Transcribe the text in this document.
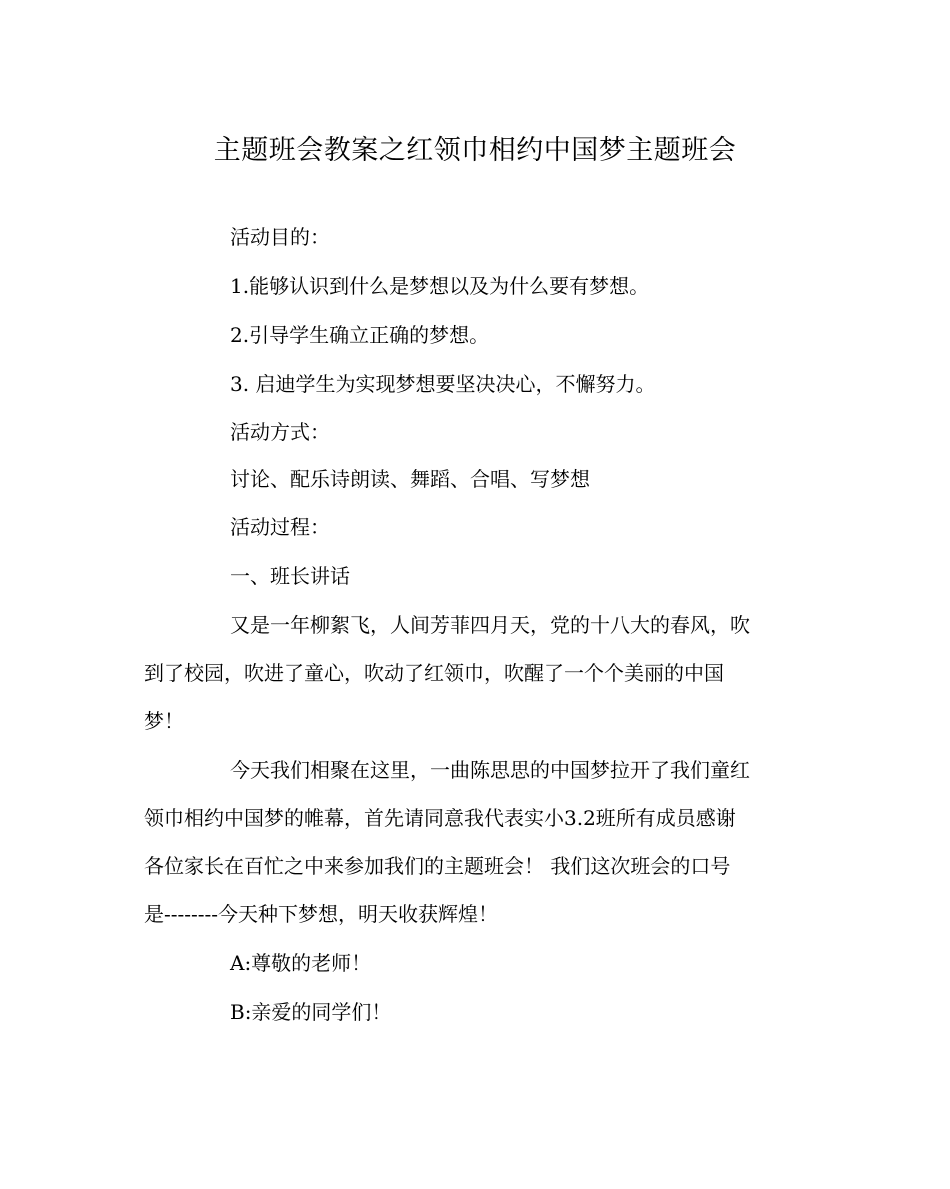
主题班会教案之红领巾相约中国梦主题班会
活动目的：
1.能够认识到什么是梦想以及为什么要有梦想。
2.引导学生确立正确的梦想。
3. 启迪学生为实现梦想要坚决决心，不懈努力。
活动方式：
讨论、配乐诗朗读、舞蹈、合唱、写梦想
活动过程：
一、班长讲话
又是一年柳絮飞，人间芳菲四月天，党的十八大的春风，吹
到了校园，吹进了童心，吹动了红领巾，吹醒了一个个美丽的中国
梦！
今天我们相聚在这里，一曲陈思思的中国梦拉开了我们童红
领巾相约中国梦的帷幕，首先请同意我代表实小3.2班所有成员感谢
各位家长在百忙之中来参加我们的主题班会！ 我们这次班会的口号
是--------今天种下梦想，明天收获辉煌！
A:尊敬的老师！
B:亲爱的同学们！
